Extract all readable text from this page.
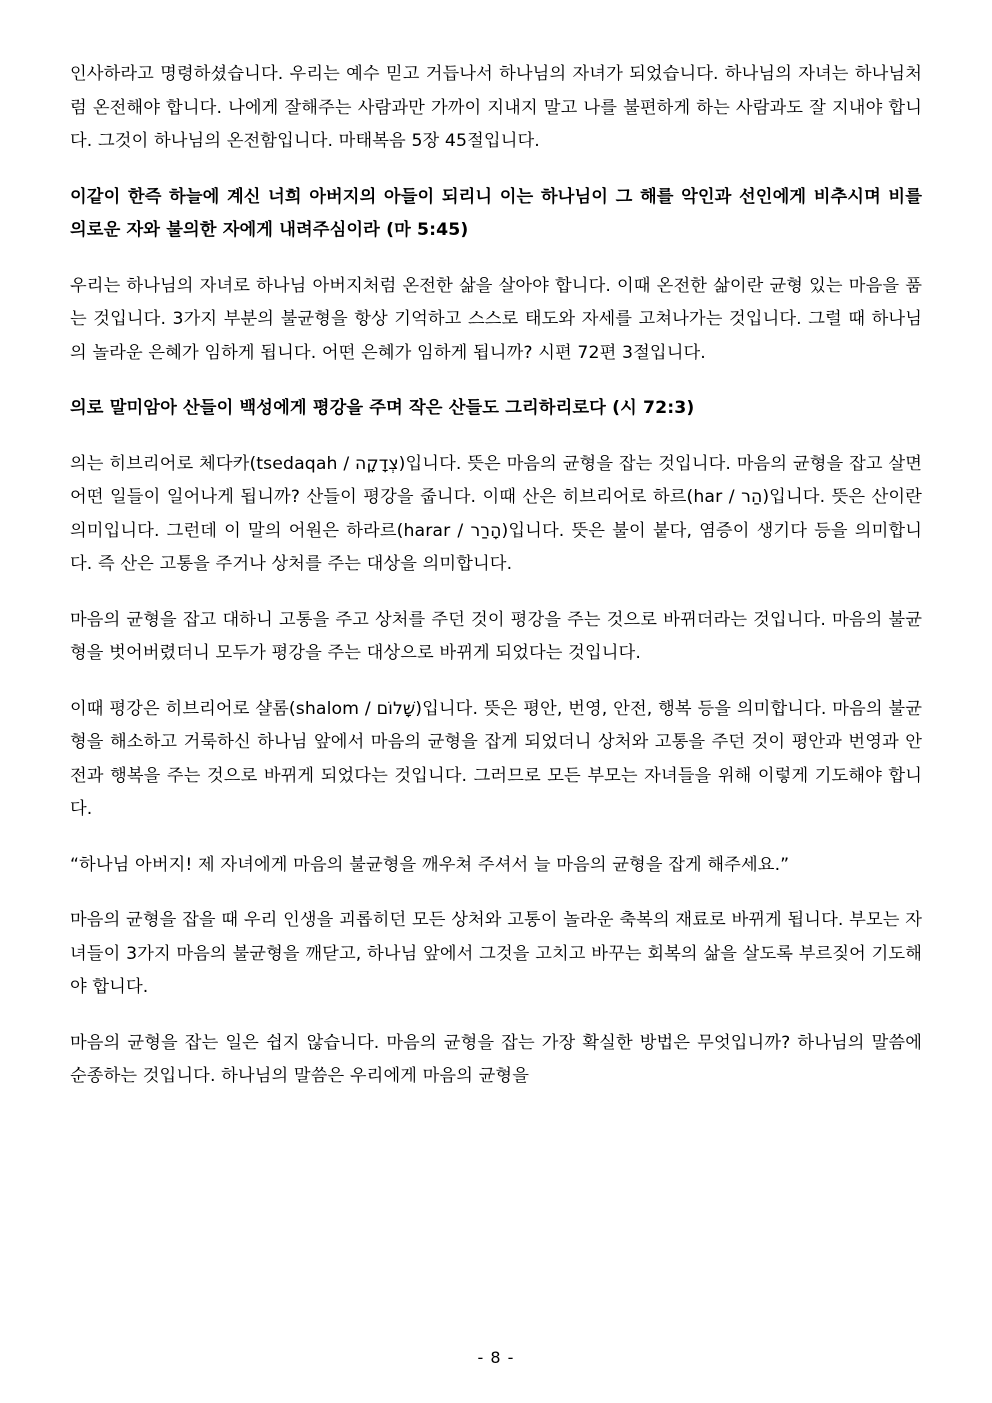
인사하라고 명령하셨습니다. 우리는 예수 믿고 거듭나서 하나님의 자녀가 되었습니다. 하나님의 자녀는 하나님처럼 온전해야 합니다. 나에게 잘해주는 사람과만 가까이 지내지 말고 나를 불편하게 하는 사람과도 잘 지내야 합니다. 그것이 하나님의 온전함입니다. 마태복음 5장 45절입니다.

이같이 한즉 하늘에 계신 너희 아버지의 아들이 되리니 이는 하나님이 그 해를 악인과 선인에게 비추시며 비를 의로운 자와 불의한 자에게 내려주심이라 (마 5:45)

우리는 하나님의 자녀로 하나님 아버지처럼 온전한 삶을 살아야 합니다. 이때 온전한 삶이란 균형 있는 마음을 품는 것입니다. 3가지 부분의 불균형을 항상 기억하고 스스로 태도와 자세를 고쳐나가는 것입니다. 그럴 때 하나님의 놀라운 은혜가 임하게 됩니다. 어떤 은혜가 임하게 됩니까? 시편 72편 3절입니다.

의로 말미암아 산들이 백성에게 평강을 주며 작은 산들도 그리하리로다 (시 72:3)

의는 히브리어로 체다카(tsedaqah / צְדָקָה)입니다. 뜻은 마음의 균형을 잡는 것입니다. 마음의 균형을 잡고 살면 어떤 일들이 일어나게 됩니까? 산들이 평강을 줍니다. 이때 산은 히브리어로 하르(har / הַר)입니다. 뜻은 산이란 의미입니다. 그런데 이 말의 어원은 하라르(harar / הָרַר)입니다. 뜻은 불이 붙다, 염증이 생기다 등을 의미합니다. 즉 산은 고통을 주거나 상처를 주는 대상을 의미합니다.

마음의 균형을 잡고 대하니 고통을 주고 상처를 주던 것이 평강을 주는 것으로 바뀌더라는 것입니다. 마음의 불균형을 벗어버렸더니 모두가 평강을 주는 대상으로 바뀌게 되었다는 것입니다.

이때 평강은 히브리어로 샬롬(shalom / שָׁלוֹם)입니다. 뜻은 평안, 번영, 안전, 행복 등을 의미합니다. 마음의 불균형을 해소하고 거룩하신 하나님 앞에서 마음의 균형을 잡게 되었더니 상처와 고통을 주던 것이 평안과 번영과 안전과 행복을 주는 것으로 바뀌게 되었다는 것입니다. 그러므로 모든 부모는 자녀들을 위해 이렇게 기도해야 합니다.

“하나님 아버지! 제 자녀에게 마음의 불균형을 깨우쳐 주셔서 늘 마음의 균형을 잡게 해주세요.”

마음의 균형을 잡을 때 우리 인생을 괴롭히던 모든 상처와 고통이 놀라운 축복의 재료로 바뀌게 됩니다. 부모는 자녀들이 3가지 마음의 불균형을 깨닫고, 하나님 앞에서 그것을 고치고 바꾸는 회복의 삶을 살도록 부르짖어 기도해야 합니다.

마음의 균형을 잡는 일은 쉽지 않습니다. 마음의 균형을 잡는 가장 확실한 방법은 무엇입니까? 하나님의 말씀에 순종하는 것입니다. 하나님의 말씀은 우리에게 마음의 균형을

- 8 -
